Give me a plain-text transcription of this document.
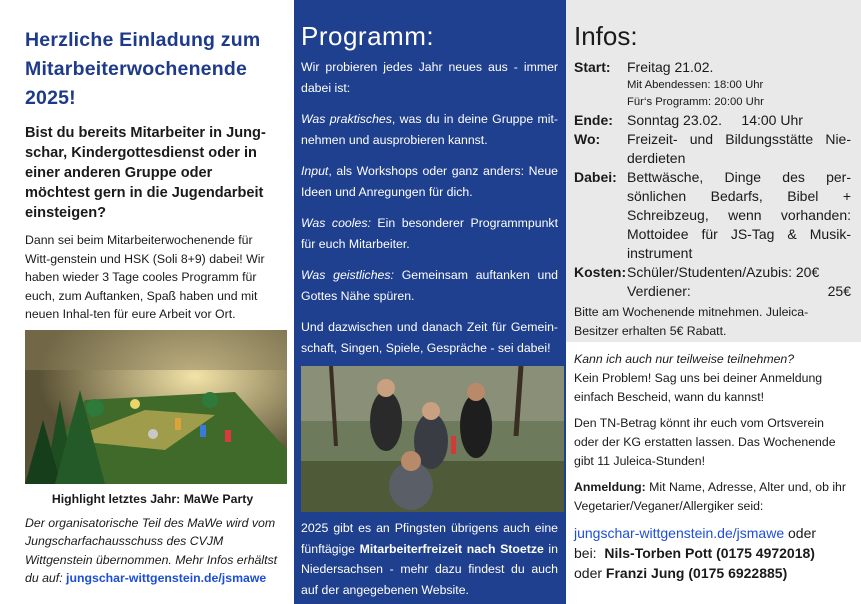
Herzliche Einladung zum

Mitarbeiterwochenende

2025!

Bist du bereits Mitarbeiter in Jung-schar, Kindergottesdienst oder in einer anderen Gruppe oder möchtest gern in die Jugendarbeit einsteigen?

Dann sei beim Mitarbeiterwochenende für Witt-genstein und HSK (Soli 8+9) dabei! Wir haben wieder 3 Tage cooles Programm für euch, zum Auftanken, Spaß haben und mit neuen Inhal-ten für eure Arbeit vor Ort.

Highlight letztes Jahr: MaWe Party

Der organisatorische Teil des MaWe wird vom Jungscharfachausschuss des CVJM Wittgenstein übernommen. Mehr Infos erhältst du auf: jungschar-wittgenstein.de/jsmawe

Programm:

Wir probieren jedes Jahr neues aus - immer dabei ist:

Was praktisches, was du in deine Gruppe mit-nehmen und ausprobieren kannst.

Input, als Workshops oder ganz anders: Neue Ideen und Anregungen für dich.

Was cooles: Ein besonderer Programmpunkt für euch Mitarbeiter.

Was geistliches: Gemeinsam auftanken und Gottes Nähe spüren.

Und dazwischen und danach Zeit für Gemein-schaft, Singen, Spiele, Gespräche - sei dabei!

2025 gibt es an Pfingsten übrigens auch eine fünftägige Mitarbeiterfreizeit nach Stoetze in Niedersachsen - mehr dazu findest du auch auf der angegebenen Website.

Infos:

Start:	Freitag 21.02.
Mit Abendessen: 18:00 Uhr
Für‘s Programm: 20:00 Uhr
Ende:	Sonntag 23.02.     14:00 Uhr
Wo:	Freizeit- und Bildungsstätte Nie-derdieten
Dabei: Bettwäsche, Dinge des per-sönlichen Bedarfs, Bibel + Schreibzeug, wenn vorhanden: Mottoidee für JS-Tag & Musik-instrument
Kosten: Schüler/Studenten/Azubis: 20€
Verdiener:	25€

Bitte am Wochenende mitnehmen. Juleica-Besitzer erhalten 5€ Rabatt.

Kann ich auch nur teilweise teilnehmen?
Kein Problem! Sag uns bei deiner Anmeldung einfach Bescheid, wann du kannst!

Den TN-Betrag könnt ihr euch vom Ortsverein oder der KG erstatten lassen. Das Wochenende gibt 11 Juleica-Stunden!

Anmeldung: Mit Name, Adresse, Alter und, ob ihr Vegetarier/Veganer/Allergiker seid:

jungschar-wittgenstein.de/jsmawe oder

bei:  Nils-Torben Pott (0175 4972018)

oder Franzi Jung (0175 6922885)
